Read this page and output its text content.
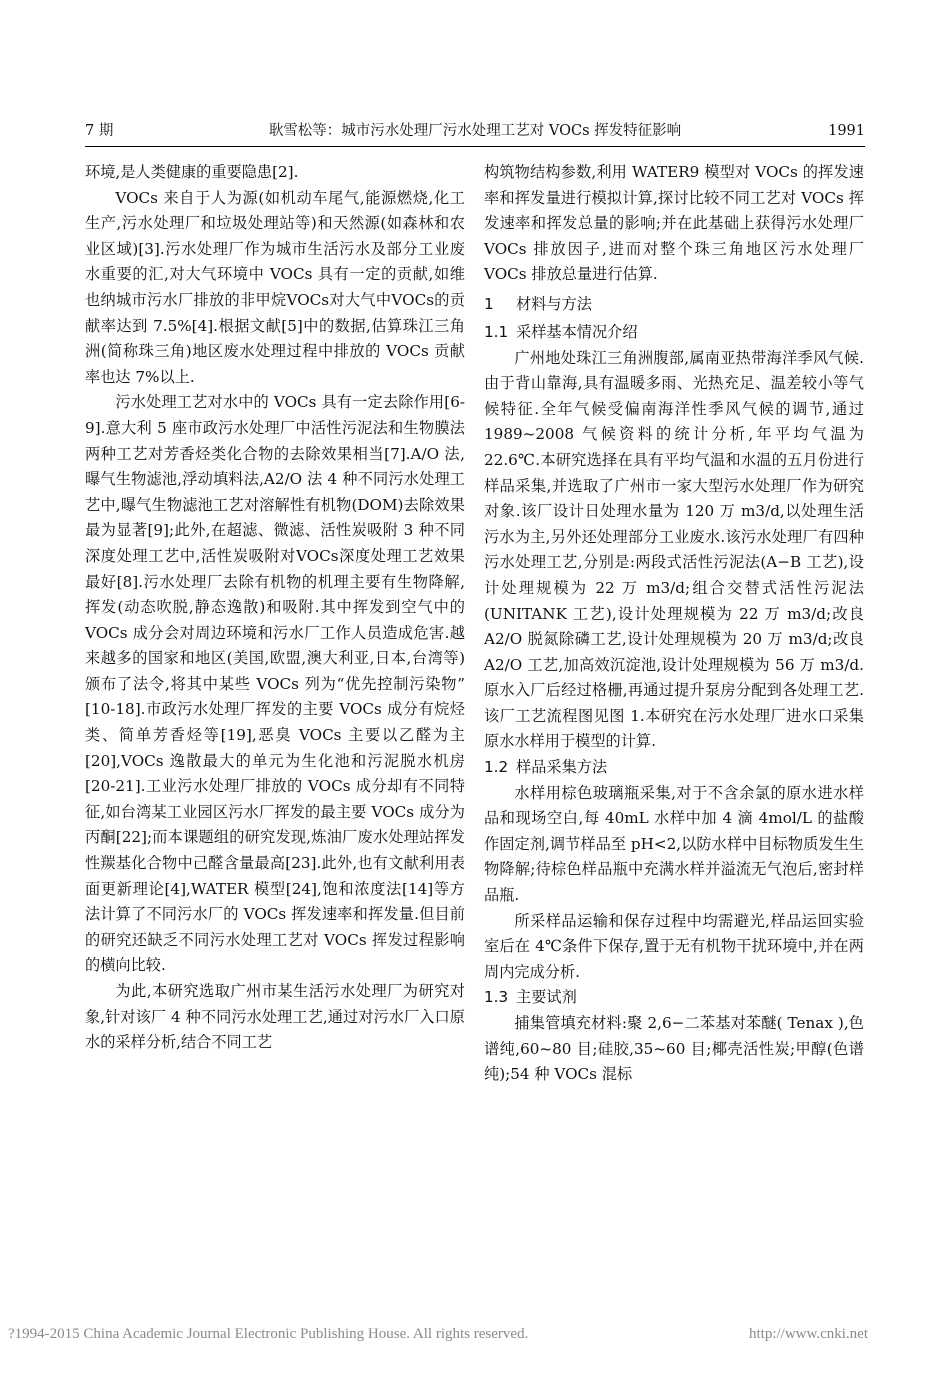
7 期	耿雪松等：城市污水处理厂污水处理工艺对 VOCs 挥发特征影响	1991

环境,是人类健康的重要隐患[2].

VOCs 来自于人为源(如机动车尾气,能源燃烧,化工生产,污水处理厂和垃圾处理站等)和天然源(如森林和农业区域)[3].污水处理厂作为城市生活污水及部分工业废水重要的汇,对大气环境中 VOCs 具有一定的贡献,如维也纳城市污水厂排放的非甲烷VOCs对大气中VOCs的贡献率达到 7.5%[4].根据文献[5]中的数据,估算珠江三角洲(简称珠三角)地区废水处理过程中排放的 VOCs 贡献率也达 7%以上.

污水处理工艺对水中的 VOCs 具有一定去除作用[6-9].意大利 5 座市政污水处理厂中活性污泥法和生物膜法两种工艺对芳香烃类化合物的去除效果相当[7].A/O 法,曝气生物滤池,浮动填料法,A2/O 法 4 种不同污水处理工艺中,曝气生物滤池工艺对溶解性有机物(DOM)去除效果最为显著[9];此外,在超滤、微滤、活性炭吸附 3 种不同深度处理工艺中,活性炭吸附对VOCs深度处理工艺效果最好[8].污水处理厂去除有机物的机理主要有生物降解,挥发(动态吹脱,静态逸散)和吸附.其中挥发到空气中的 VOCs 成分会对周边环境和污水厂工作人员造成危害.越来越多的国家和地区(美国,欧盟,澳大利亚,日本,台湾等)颁布了法令,将其中某些 VOCs 列为“优先控制污染物” [10-18].市政污水处理厂挥发的主要 VOCs 成分有烷烃类、简单芳香烃等[19],恶臭 VOCs 主要以乙醛为主[20],VOCs 逸散最大的单元为生化池和污泥脱水机房[20-21].工业污水处理厂排放的 VOCs 成分却有不同特征,如台湾某工业园区污水厂挥发的最主要 VOCs 成分为丙酮[22];而本课题组的研究发现,炼油厂废水处理站挥发性羰基化合物中己醛含量最高[23].此外,也有文献利用表面更新理论[4],WATER 模型[24],饱和浓度法[14]等方法计算了不同污水厂的 VOCs 挥发速率和挥发量.但目前的研究还缺乏不同污水处理工艺对 VOCs 挥发过程影响的横向比较.

为此,本研究选取广州市某生活污水处理厂为研究对象,针对该厂 4 种不同污水处理工艺,通过对污水厂入口原水的采样分析,结合不同工艺

构筑物结构参数,利用 WATER9 模型对 VOCs 的挥发速率和挥发量进行模拟计算,探讨比较不同工艺对 VOCs 挥发速率和挥发总量的影响;并在此基础上获得污水处理厂 VOCs 排放因子,进而对整个珠三角地区污水处理厂 VOCs 排放总量进行估算.

1 材料与方法
1.1 采样基本情况介绍

广州地处珠江三角洲腹部,属南亚热带海洋季风气候.由于背山靠海,具有温暖多雨、光热充足、温差较小等气候特征.全年气候受偏南海洋性季风气候的调节,通过 1989~2008 气候资料的统计分析,年平均气温为 22.6℃.本研究选择在具有平均气温和水温的五月份进行样品采集,并选取了广州市一家大型污水处理厂作为研究对象.该厂设计日处理水量为 120 万 m3/d,以处理生活污水为主,另外还处理部分工业废水.该污水处理厂有四种污水处理工艺,分别是:两段式活性污泥法(A−B 工艺),设计处理规模为 22 万 m3/d;组合交替式活性污泥法(UNITANK 工艺),设计处理规模为 22 万 m3/d;改良 A2/O 脱氮除磷工艺,设计处理规模为 20 万 m3/d;改良 A2/O 工艺,加高效沉淀池,设计处理规模为 56 万 m3/d.原水入厂后经过格栅,再通过提升泵房分配到各处理工艺.该厂工艺流程图见图 1.本研究在污水处理厂进水口采集原水水样用于模型的计算.

1.2 样品采集方法

水样用棕色玻璃瓶采集,对于不含余氯的原水进水样品和现场空白,每 40mL 水样中加 4 滴 4mol/L 的盐酸作固定剂,调节样品至 pH<2,以防水样中目标物质发生生物降解;待棕色样品瓶中充满水样并溢流无气泡后,密封样品瓶.

所采样品运输和保存过程中均需避光,样品运回实验室后在 4℃条件下保存,置于无有机物干扰环境中,并在两周内完成分析.

1.3 主要试剂

捕集管填充材料:聚 2,6−二苯基对苯醚( Tenax ),色谱纯,60~80 目;硅胶,35~60 目;椰壳活性炭;甲醇(色谱纯);54 种 VOCs 混标

?1994-2015 China Academic Journal Electronic Publishing House. All rights reserved.	http://www.cnki.net
